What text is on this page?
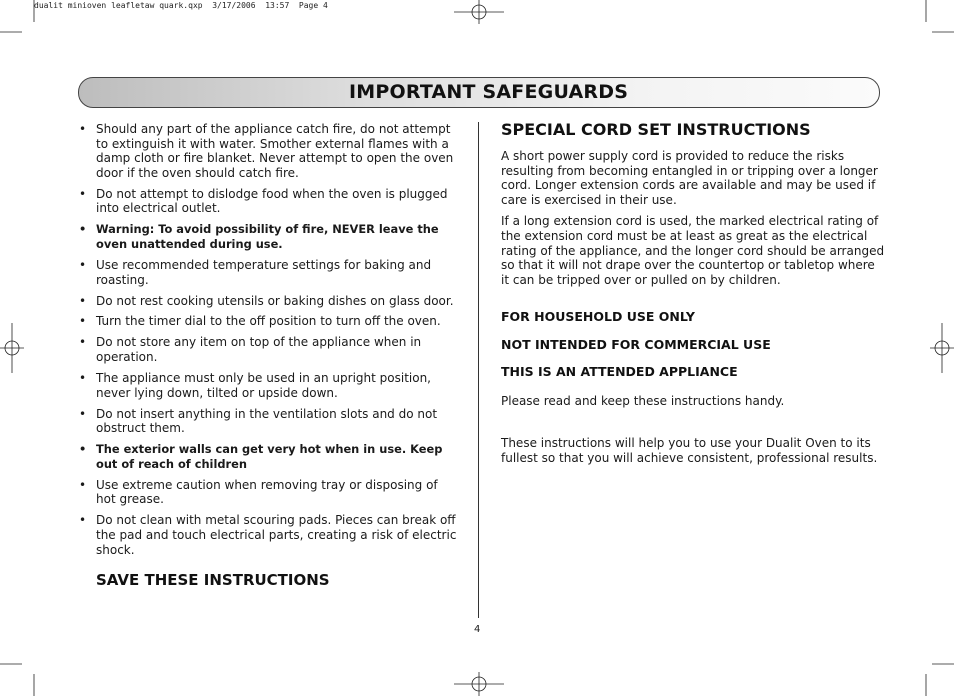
dualit minioven leafletaw quark.qxp  3/17/2006  13:57  Page 4
IMPORTANT SAFEGUARDS
• Should any part of the appliance catch fire, do not attempt to extinguish it with water. Smother external flames with a damp cloth or fire blanket. Never attempt to open the oven door if the oven should catch fire.
• Do not attempt to dislodge food when the oven is plugged into electrical outlet.
• Warning: To avoid possibility of fire, NEVER leave the oven unattended during use.
• Use recommended temperature settings for baking and roasting.
• Do not rest cooking utensils or baking dishes on glass door.
• Turn the timer dial to the off position to turn off the oven.
• Do not store any item on top of the appliance when in operation.
• The appliance must only be used in an upright position, never lying down, tilted or upside down.
• Do not insert anything in the ventilation slots and do not obstruct them.
• The exterior walls can get very hot when in use. Keep out of reach of children
• Use extreme caution when removing tray or disposing of hot grease.
• Do not clean with metal scouring pads. Pieces can break off the pad and touch electrical parts, creating a risk of electric shock.
SAVE THESE INSTRUCTIONS
SPECIAL CORD SET INSTRUCTIONS

A short power supply cord is provided to reduce the risks resulting from becoming entangled in or tripping over a longer cord. Longer extension cords are available and may be used if care is exercised in their use.

If a long extension cord is used, the marked electrical rating of the extension cord must be at least as great as the electrical rating of the appliance, and the longer cord should be arranged so that it will not drape over the countertop or tabletop where it can be tripped over or pulled on by children.

FOR HOUSEHOLD USE ONLY
NOT INTENDED FOR COMMERCIAL USE
THIS IS AN ATTENDED APPLIANCE

Please read and keep these instructions handy.

These instructions will help you to use your Dualit Oven to its fullest so that you will achieve consistent, professional results.

4
